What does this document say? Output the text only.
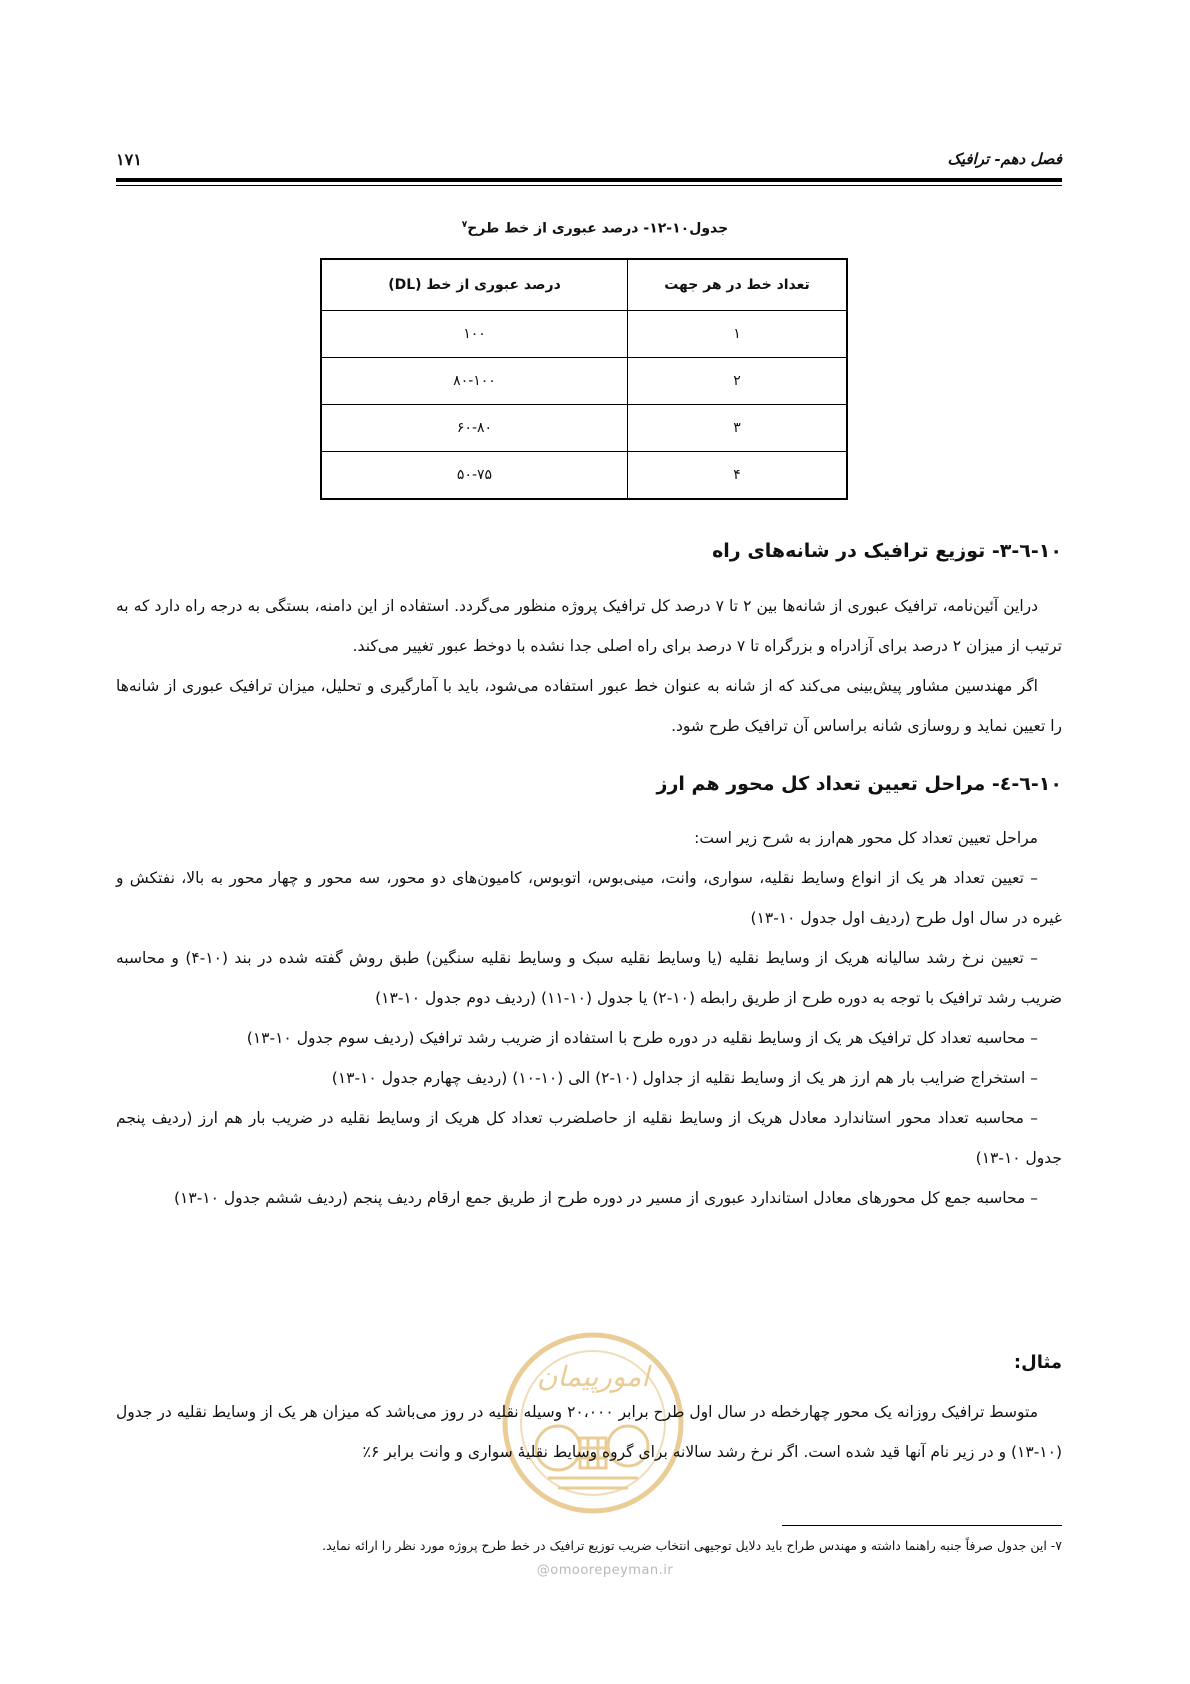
فصل دهم- ترافیک
۱۷۱
جدول۱۰-۱۲- درصد عبوری از خط طرح$^۷$
تعداد خط در هر جهت	درصد عبوری از خط (DL)
۱	۱۰۰
۲	۸۰-۱۰۰
۳	۶۰-۸۰
۴	۵۰-۷۵
۱۰-٦-۳- توزیع ترافیک در شانه‌های راه
دراین آئین‌نامه، ترافیک عبوری از شانه‌ها بین ۲ تا ۷ درصد کل ترافیک پروژه منظور می‌گردد. استفاده از این دامنه، بستگی به درجه راه دارد که به ترتیب از میزان ۲ درصد برای آزادراه و بزرگراه تا ۷ درصد برای راه اصلی جدا نشده با دوخط عبور تغییر می‌کند.
اگر مهندسین مشاور پیش‌بینی می‌کند که از شانه به عنوان خط عبور استفاده می‌شود، باید با آمارگیری و تحلیل، میزان ترافیک عبوری از شانه‌ها را تعیین نماید و روسازی شانه براساس آن ترافیک طرح شود.
۱۰-٦-٤- مراحل تعیین تعداد کل محور هم ارز
مراحل تعیین تعداد کل محور هم‌ارز به شرح زیر است:
– تعیین تعداد هر یک از انواع وسایط نقلیه، سواری، وانت، مینی‌بوس، اتوبوس، کامیون‌های دو محور، سه محور و چهار محور به بالا، نفتکش و غیره در سال اول طرح (ردیف اول جدول ۱۰-۱۳)
– تعیین نرخ رشد سالیانه هریک از وسایط نقلیه (یا وسایط نقلیه سبک و وسایط نقلیه سنگین) طبق روش گفته شده در بند (۱۰-۴) و محاسبه ضریب رشد ترافیک با توجه به دوره طرح از طریق رابطه (۱۰-۲) یا جدول (۱۰-۱۱) (ردیف دوم جدول ۱۰-۱۳)
– محاسبه تعداد کل ترافیک هر یک از وسایط نقلیه در دوره طرح با استفاده از ضریب رشد ترافیک (ردیف سوم جدول ۱۰-۱۳)
– استخراج ضرایب بار هم ارز هر یک از وسایط نقلیه از جداول (۱۰-۲) الی (۱۰-۱۰) (ردیف چهارم جدول ۱۰-۱۳)
– محاسبه تعداد محور استاندارد معادل هریک از وسایط نقلیه از حاصلضرب تعداد کل هریک از وسایط نقلیه در ضریب بار هم ارز (ردیف پنجم جدول ۱۰-۱۳)
– محاسبه جمع کل محورهای معادل استاندارد عبوری از مسیر در دوره طرح از طریق جمع ارقام ردیف پنجم (ردیف ششم جدول ۱۰-۱۳)
مثال:
امورپیمان
متوسط ترافیک روزانه یک محور چهارخطه در سال اول طرح برابر ۲۰،۰۰۰ وسیله نقلیه در روز می‌باشد که میزان هر یک از وسایط نقلیه در جدول (۱۰-۱۳) و در زیر نام آنها قید شده است. اگر نرخ رشد سالانه برای گروه وسایط نقلیهٔ سواری و وانت برابر ۶٪
۷- این جدول صرفاً جنبه راهنما داشته و مهندس طراح باید دلایل توجیهی انتخاب ضریب توزیع ترافیک در خط طرح پروژه مورد نظر را ارائه نماید.
@omoorepeyman.ir
